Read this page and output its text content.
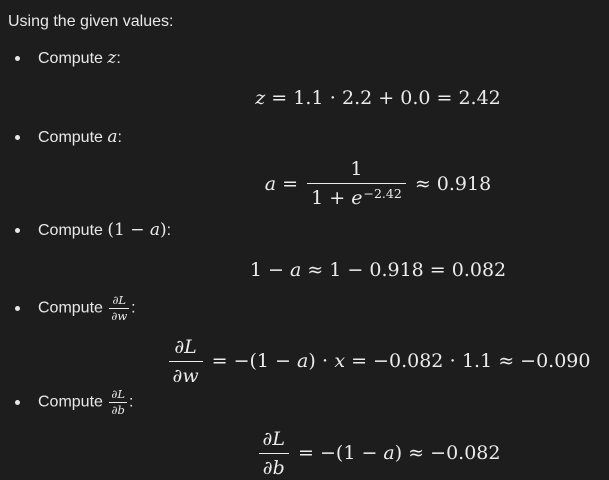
Using the given values:

Compute z:
z = 1.1 ⋅ 2.2 + 0.0 = 2.42
Compute a:
$a = \frac{1}{1 + e^{-2.42}} \approx 0.918$
Compute (1 − a):
1 − a ≈ 1 − 0.918 = 0.082
Compute $\frac{\partial L}{\partial w}$ :
$\frac{\partial L}{\partial w} = -(1 - a) \cdot x = -0.082 \cdot 1.1 \approx -0.090$
Compute $\frac{\partial L}{\partial b}$ :
$\frac{\partial L}{\partial b} = -(1 - a) \approx -0.082$
